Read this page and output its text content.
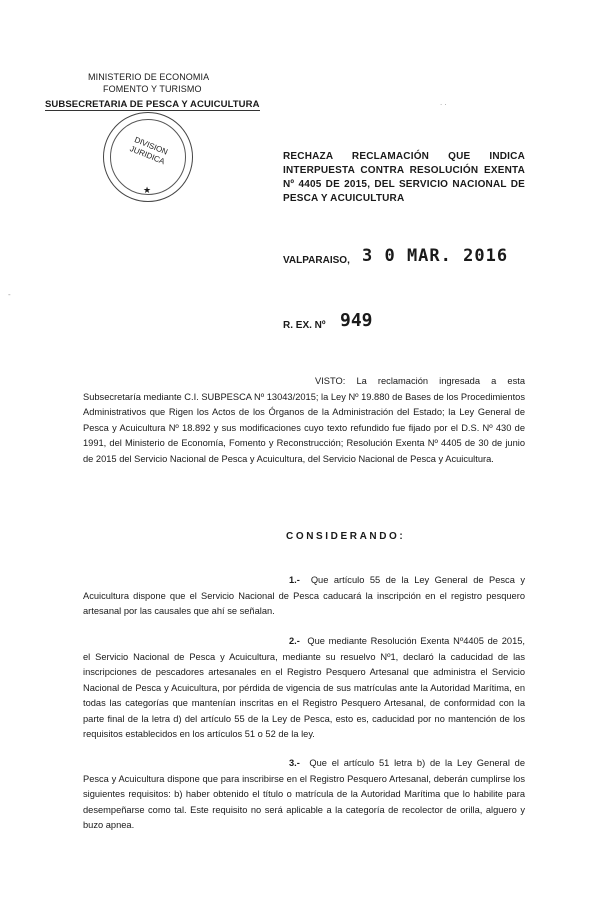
MINISTERIO DE ECONOMIA
FOMENTO Y TURISMO
SUBSECRETARIA DE PESCA Y ACUICULTURA
DIVISION JURIDICA
★
. .
-
RECHAZA RECLAMACIÓN QUE INDICA INTERPUESTA CONTRA RESOLUCIÓN EXENTA Nº 4405 DE 2015, DEL SERVICIO NACIONAL DE PESCA Y ACUICULTURA
VALPARAISO, 3 0 MAR. 2016
R. EX. Nº 949
VISTO: La reclamación ingresada a esta Subsecretaría mediante C.I. SUBPESCA Nº 13043/2015; la Ley Nº 19.880 de Bases de los Procedimientos Administrativos que Rigen los Actos de los Órganos de la Administración del Estado; la Ley General de Pesca y Acuicultura Nº 18.892 y sus modificaciones cuyo texto refundido fue fijado por el D.S. Nº 430 de 1991, del Ministerio de Economía, Fomento y Reconstrucción; Resolución Exenta Nº 4405 de 30 de junio de 2015 del Servicio Nacional de Pesca y Acuicultura, del Servicio Nacional de Pesca y Acuicultura.
CONSIDERANDO:
1.- Que artículo 55 de la Ley General de Pesca y Acuicultura dispone que el Servicio Nacional de Pesca caducará la inscripción en el registro pesquero artesanal por las causales que ahí se señalan.
2.- Que mediante Resolución Exenta Nº4405 de 2015, el Servicio Nacional de Pesca y Acuicultura, mediante su resuelvo Nº1, declaró la caducidad de las inscripciones de pescadores artesanales en el Registro Pesquero Artesanal que administra el Servicio Nacional de Pesca y Acuicultura, por pérdida de vigencia de sus matrículas ante la Autoridad Marítima, en todas las categorías que mantenían inscritas en el Registro Pesquero Artesanal, de conformidad con la parte final de la letra d) del artículo 55 de la Ley de Pesca, esto es, caducidad por no mantención de los requisitos establecidos en los artículos 51 o 52 de la ley.
3.- Que el artículo 51 letra b) de la Ley General de Pesca y Acuicultura dispone que para inscribirse en el Registro Pesquero Artesanal, deberán cumplirse los siguientes requisitos: b) haber obtenido el título o matrícula de la Autoridad Marítima que lo habilite para desempeñarse como tal. Este requisito no será aplicable a la categoría de recolector de orilla, alguero y buzo apnea.
